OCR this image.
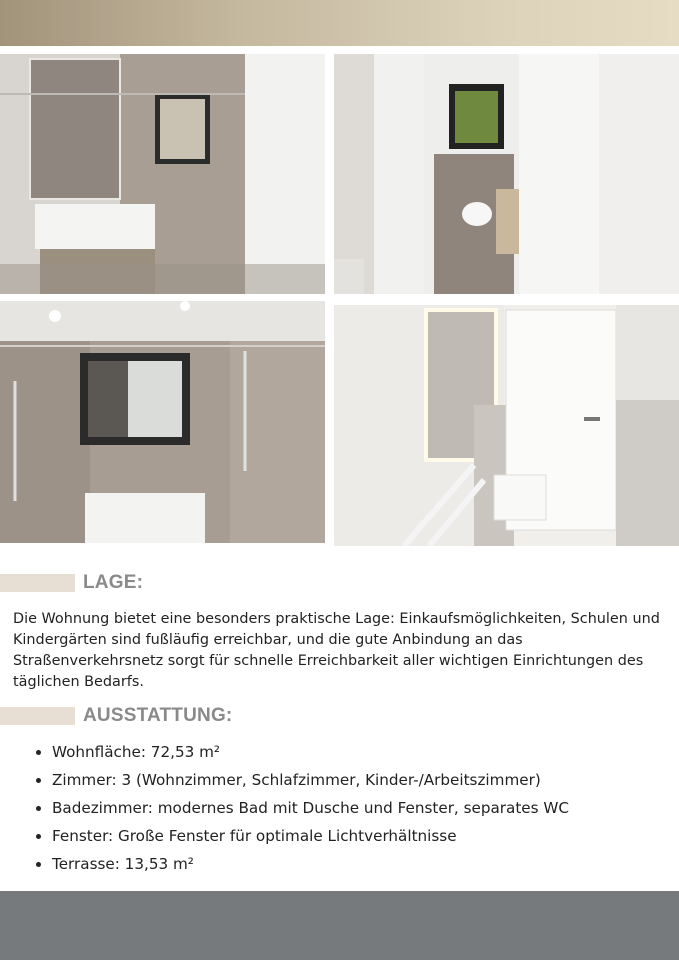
LAGE:
Die Wohnung bietet eine besonders praktische Lage: Einkaufsmöglichkeiten, Schulen und Kindergärten sind fußläufig erreichbar, und die gute Anbindung an das Straßenverkehrsnetz sorgt für schnelle Erreichbarkeit aller wichtigen Einrichtungen des täglichen Bedarfs.
AUSSTATTUNG:
• Wohnfläche: 72,53 m²
• Zimmer: 3 (Wohnzimmer, Schlafzimmer, Kinder-/Arbeitszimmer)
• Badezimmer: modernes Bad mit Dusche und Fenster, separates WC
• Fenster: Große Fenster für optimale Lichtverhältnisse
• Terrasse: 13,53 m²
